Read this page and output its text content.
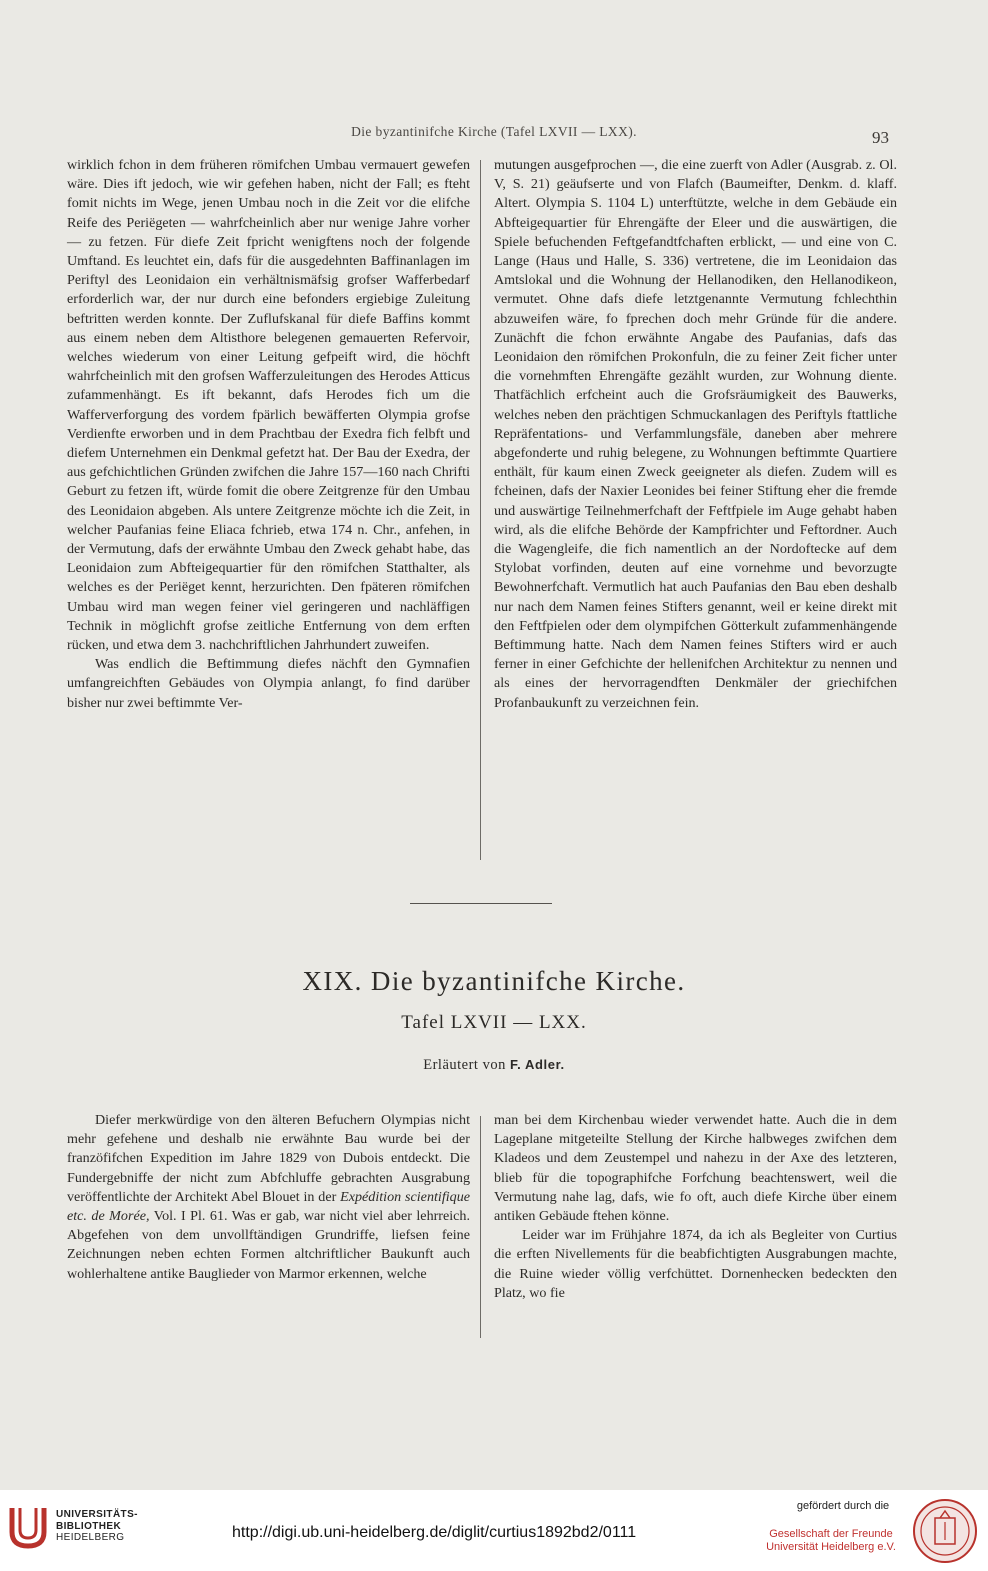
Die byzantinifche Kirche (Tafel LXVII — LXX).	93

wirklich fchon in dem früheren römifchen Umbau vermauert gewefen wäre. Dies ift jedoch, wie wir gefehen haben, nicht der Fall; es fteht fomit nichts im Wege, jenen Umbau noch in die Zeit vor die elifche Reife des Periëgeten — wahrfcheinlich aber nur wenige Jahre vorher — zu fetzen. Für diefe Zeit fpricht wenigftens noch der folgende Umftand. Es leuchtet ein, dafs für die ausgedehnten Baffinanlagen im Periftyl des Leonidaion ein verhältnismäfsig grofser Wafferbedarf erforderlich war, der nur durch eine befonders ergiebige Zuleitung beftritten werden konnte. Der Zuflufskanal für diefe Baffins kommt aus einem neben dem Altisthore belegenen gemauerten Refervoir, welches wiederum von einer Leitung gefpeift wird, die höchft wahrfcheinlich mit den grofsen Wafferzuleitungen des Herodes Atticus zufammenhängt. Es ift bekannt, dafs Herodes fich um die Wafferverforgung des vordem fpärlich bewäfferten Olympia grofse Verdienfte erworben und in dem Prachtbau der Exedra fich felbft und diefem Unternehmen ein Denkmal gefetzt hat. Der Bau der Exedra, der aus gefchichtlichen Gründen zwifchen die Jahre 157—160 nach Chrifti Geburt zu fetzen ift, würde fomit die obere Zeitgrenze für den Umbau des Leonidaion abgeben. Als untere Zeitgrenze möchte ich die Zeit, in welcher Paufanias feine Eliaca fchrieb, etwa 174 n. Chr., anfehen, in der Vermutung, dafs der erwähnte Umbau den Zweck gehabt habe, das Leonidaion zum Abfteigequartier für den römifchen Statthalter, als welches es der Periëget kennt, herzurichten. Den fpäteren römifchen Umbau wird man wegen feiner viel geringeren und nachläffigen Technik in möglichft grofse zeitliche Entfernung von dem erften rücken, und etwa dem 3. nachchriftlichen Jahrhundert zuweifen.

Was endlich die Beftimmung diefes nächft den Gymnafien umfangreichften Gebäudes von Olympia anlangt, fo find darüber bisher nur zwei beftimmte Ver-

mutungen ausgefprochen —, die eine zuerft von Adler (Ausgrab. z. Ol. V, S. 21) geäufserte und von Flafch (Baumeifter, Denkm. d. klaff. Altert. Olympia S. 1104 L) unterftützte, welche in dem Gebäude ein Abfteigequartier für Ehrengäfte der Eleer und die auswärtigen, die Spiele befuchenden Feftgefandtfchaften erblickt, — und eine von C. Lange (Haus und Halle, S. 336) vertretene, die im Leonidaion das Amtslokal und die Wohnung der Hellanodiken, den Hellanodikeon, vermutet. Ohne dafs diefe letztgenannte Vermutung fchlechthin abzuweifen wäre, fo fprechen doch mehr Gründe für die andere. Zunächft die fchon erwähnte Angabe des Paufanias, dafs das Leonidaion den römifchen Prokonfuln, die zu feiner Zeit ficher unter die vornehmften Ehrengäfte gezählt wurden, zur Wohnung diente. Thatfächlich erfcheint auch die Grofsräumigkeit des Bauwerks, welches neben den prächtigen Schmuckanlagen des Periftyls ftattliche Repräfentations- und Verfammlungsfäle, daneben aber mehrere abgefonderte und ruhig belegene, zu Wohnungen beftimmte Quartiere enthält, für kaum einen Zweck geeigneter als diefen. Zudem will es fcheinen, dafs der Naxier Leonides bei feiner Stiftung eher die fremde und auswärtige Teilnehmerfchaft der Feftfpiele im Auge gehabt haben wird, als die elifche Behörde der Kampfrichter und Feftordner. Auch die Wagengleife, die fich namentlich an der Nordoftecke auf dem Stylobat vorfinden, deuten auf eine vornehme und bevorzugte Bewohnerfchaft. Vermutlich hat auch Paufanias den Bau eben deshalb nur nach dem Namen feines Stifters genannt, weil er keine direkt mit den Feftfpielen oder dem olympifchen Götterkult zufammenhängende Beftimmung hatte. Nach dem Namen feines Stifters wird er auch ferner in einer Gefchichte der hellenifchen Architektur zu nennen und als eines der hervorragendften Denkmäler der griechifchen Profanbaukunft zu verzeichnen fein.

XIX. Die byzantinifche Kirche.
Tafel LXVII — LXX.
Erläutert von F. Adler.

Diefer merkwürdige von den älteren Befuchern Olympias nicht mehr gefehene und deshalb nie erwähnte Bau wurde bei der franzöfifchen Expedition im Jahre 1829 von Dubois entdeckt. Die Fundergebniffe der nicht zum Abfchluffe gebrachten Ausgrabung veröffentlichte der Architekt Abel Blouet in der Expédition scientifique etc. de Morée, Vol. I Pl. 61. Was er gab, war nicht viel aber lehrreich. Abgefehen von dem unvollftändigen Grundriffe, liefsen feine Zeichnungen neben echten Formen altchriftlicher Baukunft auch wohlerhaltene antike Bauglieder von Marmor erkennen, welche

man bei dem Kirchenbau wieder verwendet hatte. Auch die in dem Lageplane mitgeteilte Stellung der Kirche halbweges zwifchen dem Kladeos und dem Zeustempel und nahezu in der Axe des letzteren, blieb für die topographifche Forfchung beachtenswert, weil die Vermutung nahe lag, dafs, wie fo oft, auch diefe Kirche über einem antiken Gebäude ftehen könne.

Leider war im Frühjahre 1874, da ich als Begleiter von Curtius die erften Nivellements für die beabfichtigten Ausgrabungen machte, die Ruine wieder völlig verfchüttet. Dornenhecken bedeckten den Platz, wo fie

UNIVERSITÄTS-
BIBLIOTHEK
HEIDELBERG	http://digi.ub.uni-heidelberg.de/diglit/curtius1892bd2/0111
gefördert durch die
Gesellschaft der Freunde
Universität Heidelberg e.V.
